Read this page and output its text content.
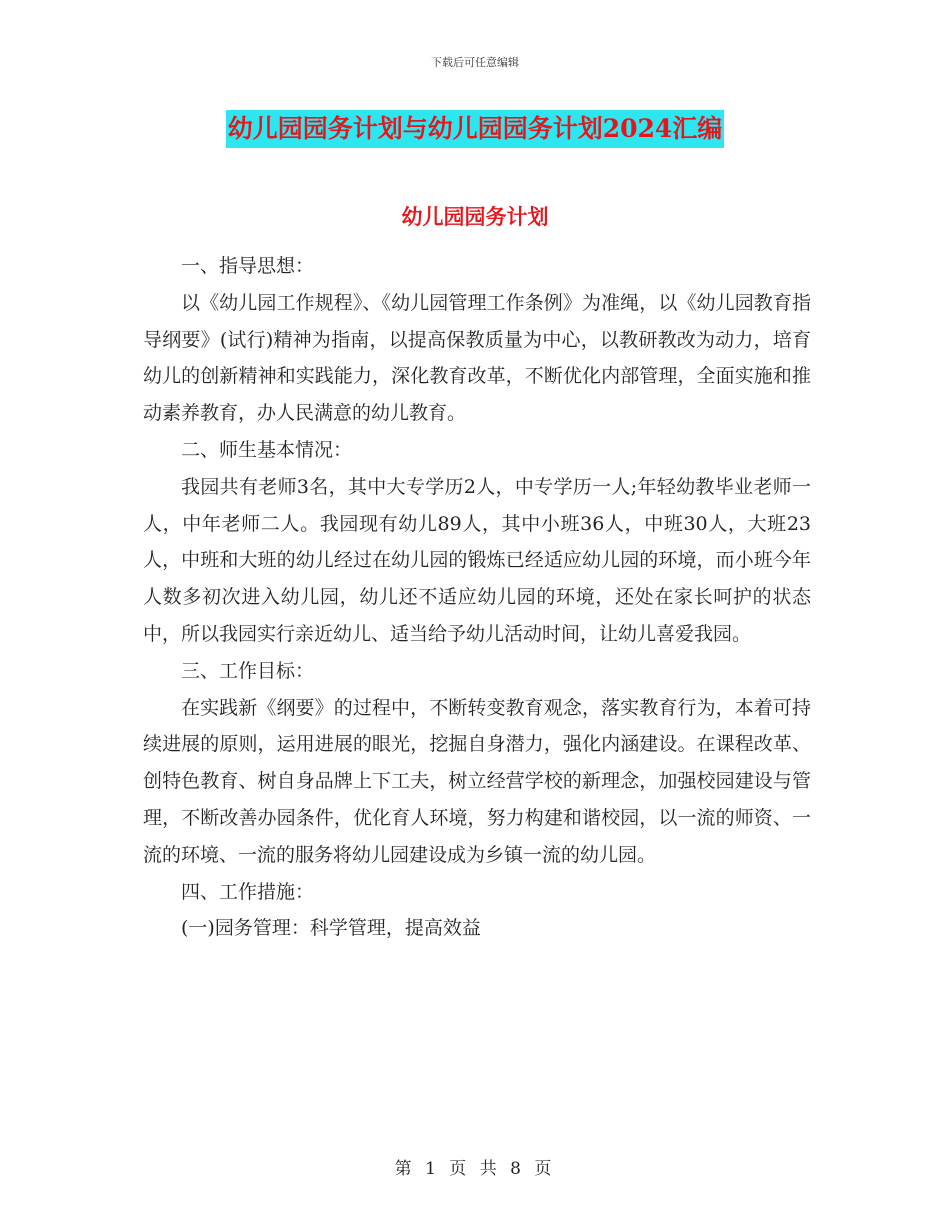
下载后可任意编辑
幼儿园园务计划与幼儿园园务计划2024汇编
幼儿园园务计划

一、指导思想：

以《幼儿园工作规程》、《幼儿园管理工作条例》为准绳，以《幼儿园教育指导纲要》(试行)精神为指南，以提高保教质量为中心，以教研教改为动力，培育幼儿的创新精神和实践能力，深化教育改革，不断优化内部管理，全面实施和推动素养教育，办人民满意的幼儿教育。

二、师生基本情况：

我园共有老师3名，其中大专学历2人，中专学历一人;年轻幼教毕业老师一人，中年老师二人。我园现有幼儿89人，其中小班36人，中班30人，大班23人，中班和大班的幼儿经过在幼儿园的锻炼已经适应幼儿园的环境，而小班今年人数多初次进入幼儿园，幼儿还不适应幼儿园的环境，还处在家长呵护的状态中，所以我园实行亲近幼儿、适当给予幼儿活动时间，让幼儿喜爱我园。

三、工作目标：

在实践新《纲要》的过程中，不断转变教育观念，落实教育行为，本着可持续进展的原则，运用进展的眼光，挖掘自身潜力，强化内涵建设。在课程改革、创特色教育、树自身品牌上下工夫，树立经营学校的新理念，加强校园建设与管理，不断改善办园条件，优化育人环境，努力构建和谐校园，以一流的师资、一流的环境、一流的服务将幼儿园建设成为乡镇一流的幼儿园。

四、工作措施：

(一)园务管理：科学管理，提高效益

第 1 页 共 8 页
